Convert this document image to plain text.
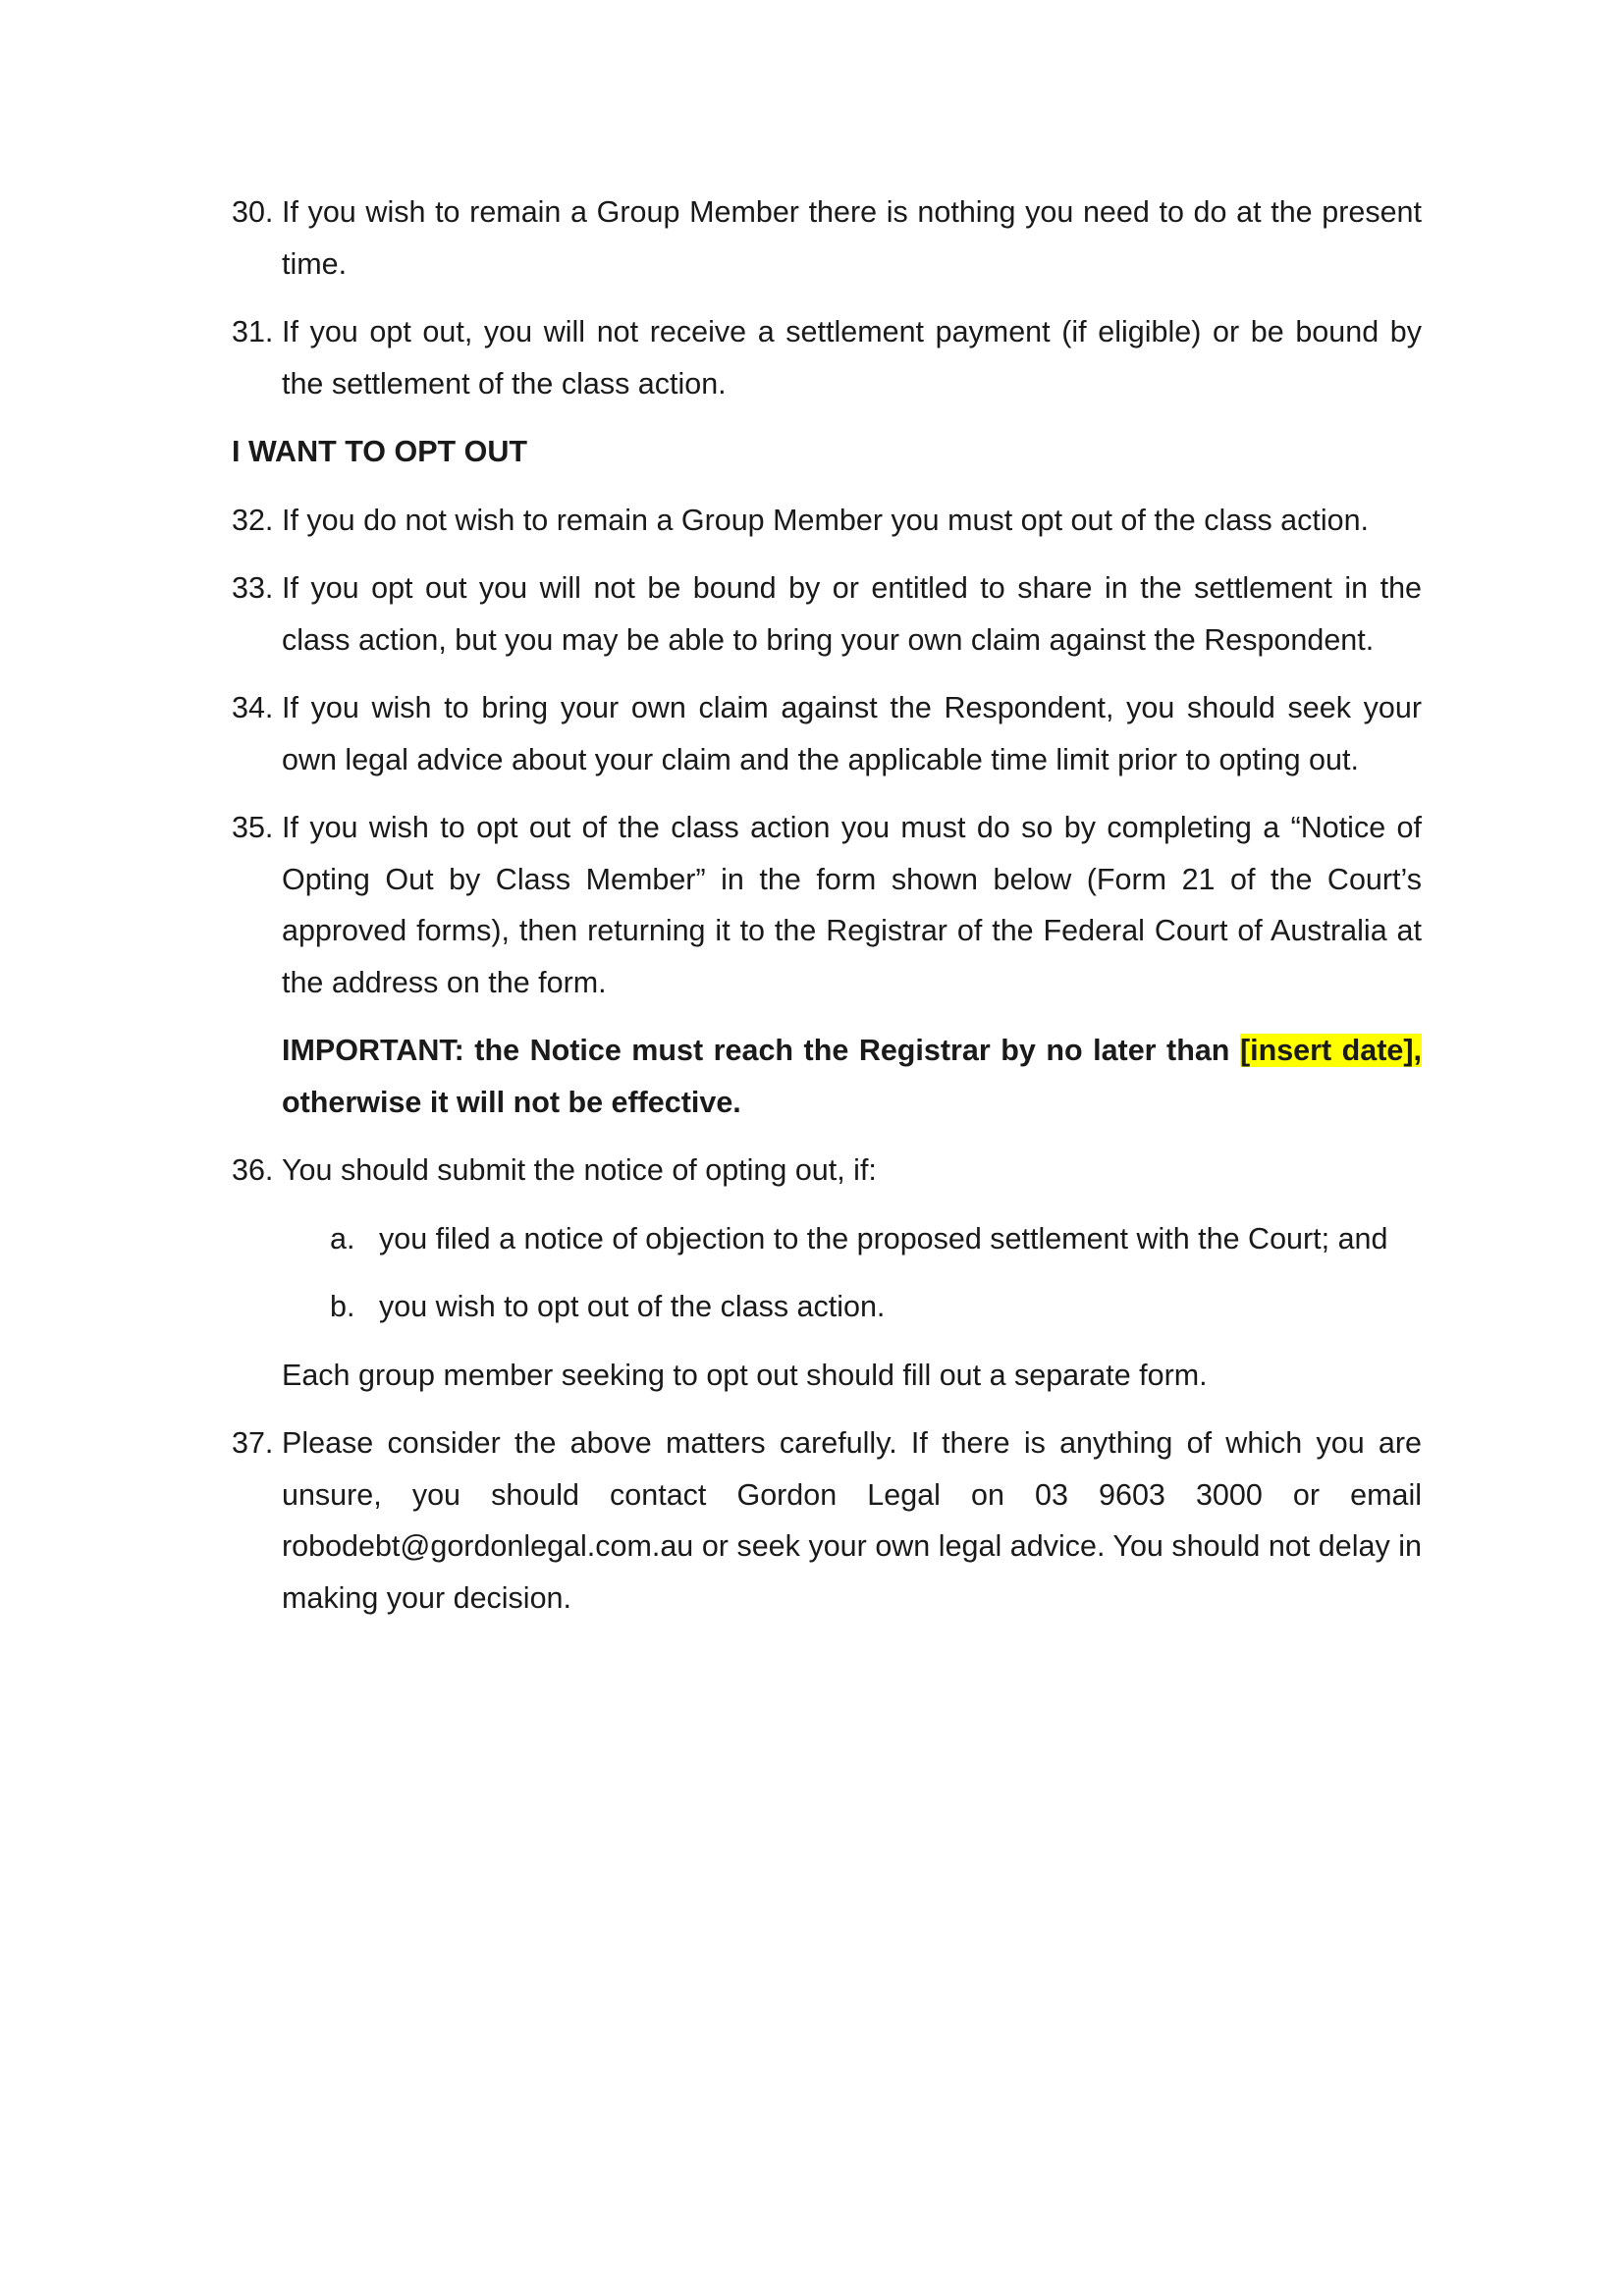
30. If you wish to remain a Group Member there is nothing you need to do at the present time.
31. If you opt out, you will not receive a settlement payment (if eligible) or be bound by the settlement of the class action.
I WANT TO OPT OUT
32. If you do not wish to remain a Group Member you must opt out of the class action.
33. If you opt out you will not be bound by or entitled to share in the settlement in the class action, but you may be able to bring your own claim against the Respondent.
34. If you wish to bring your own claim against the Respondent, you should seek your own legal advice about your claim and the applicable time limit prior to opting out.
35. If you wish to opt out of the class action you must do so by completing a “Notice of Opting Out by Class Member” in the form shown below (Form 21 of the Court’s approved forms), then returning it to the Registrar of the Federal Court of Australia at the address on the form.
IMPORTANT: the Notice must reach the Registrar by no later than [insert date], otherwise it will not be effective.
36. You should submit the notice of opting out, if:
a. you filed a notice of objection to the proposed settlement with the Court; and
b. you wish to opt out of the class action.
Each group member seeking to opt out should fill out a separate form.
37. Please consider the above matters carefully. If there is anything of which you are unsure, you should contact Gordon Legal on 03 9603 3000 or email robodebt@gordonlegal.com.au or seek your own legal advice. You should not delay in making your decision.
